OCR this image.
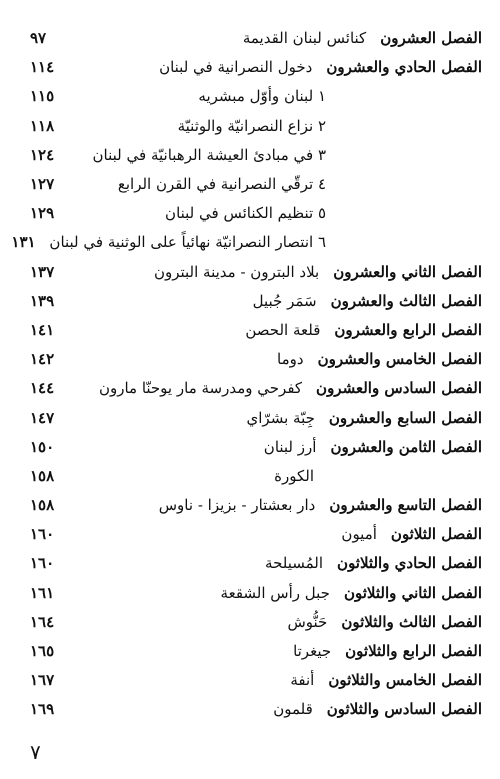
الفصل العشرون
كنائس لبنان القديمة
٩٧
الفصل الحادي والعشرون
دخول النصرانية في لبنان
١١٤
١ لبنان وأوّل مبشريه
١١٥
٢ نزاع النصرانيّة والوثنيّة
١١٨
٣ في مبادئ العيشة الرهبانيّة في لبنان
١٢٤
٤ ترقّي النصرانية في القرن الرابع
١٢٧
٥ تنظيم الكنائس في لبنان
١٢٩
٦ انتصار النصرانيّة نهائياً على الوثنية في لبنان
١٣١
الفصل الثاني والعشرون
بلاد البترون - مدينة البترون
١٣٧
الفصل الثالث والعشرون
سَمَر جُبيل
١٣٩
الفصل الرابع والعشرون
قلعة الحصن
١٤١
الفصل الخامس والعشرون
دوما
١٤٢
الفصل السادس والعشرون
كفرحي ومدرسة مار يوحنّا مارون
١٤٤
الفصل السابع والعشرون
جِبّة بشرّاي
١٤٧
الفصل الثامن والعشرون
أرز لبنان
١٥٠
الكورة
١٥٨
الفصل التاسع والعشرون
دار بعشتار - بزيزا - ناوس
١٥٨
الفصل الثلاثون
أميون
١٦٠
الفصل الحادي والثلاثون
المُسيلحة
١٦٠
الفصل الثاني والثلاثون
جبل رأس الشقعة
١٦١
الفصل الثالث والثلاثون
حَنُّوش
١٦٤
الفصل الرابع والثلاثون
جيغرتا
١٦٥
الفصل الخامس والثلاثون
أنفة
١٦٧
الفصل السادس والثلاثون
قلمون
١٦٩
٧
